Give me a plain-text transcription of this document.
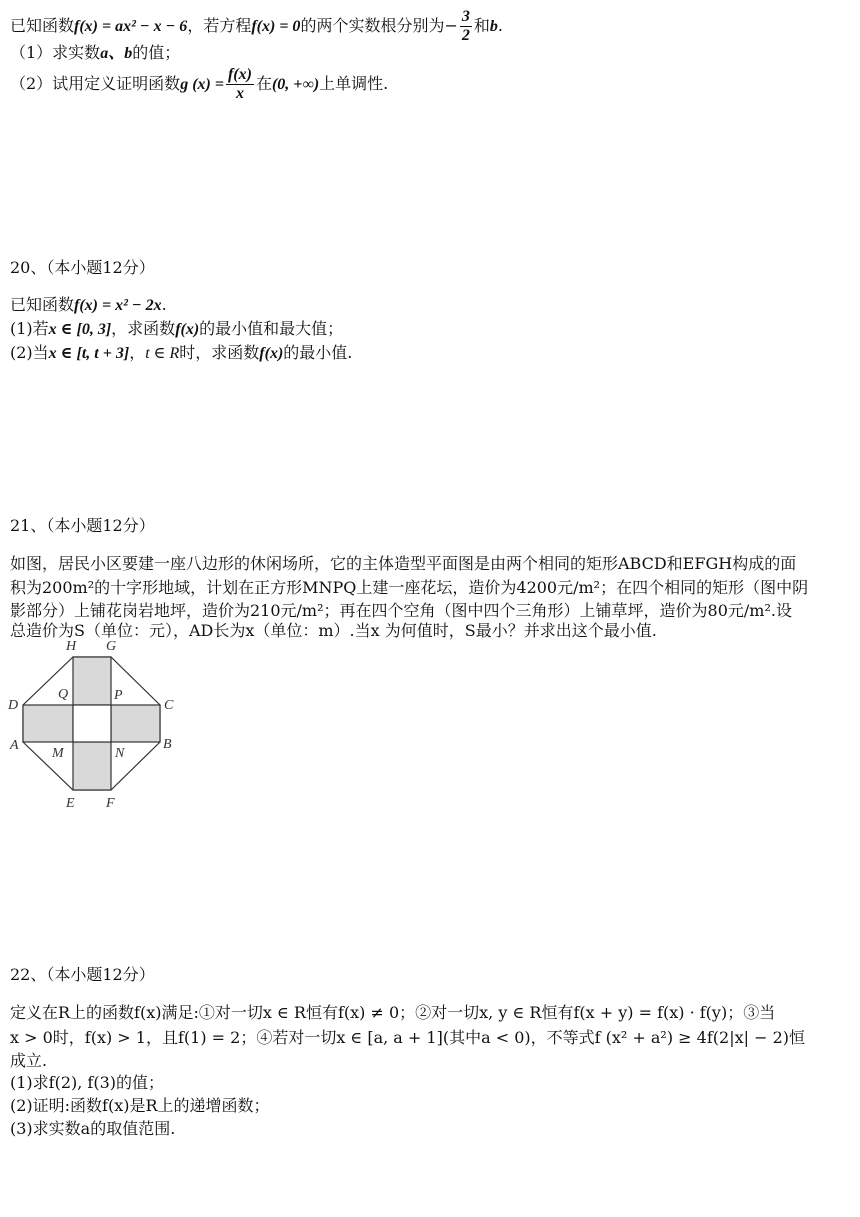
已知函数f(x) = ax² − x − 6，若方程f(x) = 0的两个实数根分别为− $\frac{3}{2}$ 和b.
（1）求实数a、b的值；
（2）试用定义证明函数g $(x) = \frac{f(x)}{x}$ 在(0, +∞)上单调性.
20、（本小题12分）
已知函数f(x) = x² − 2x.
(1)若x ∈ [0, 3]，求函数f(x)的最小值和最大值；
(2)当x ∈ [t, t + 3]，t ∈ R时，求函数f(x)的最小值.
21、（本小题12分）
如图，居民小区要建一座八边形的休闲场所，它的主体造型平面图是由两个相同的矩形ABCD和EFGH构成的面
积为200m²的十字形地域，计划在正方形MNPQ上建一座花坛，造价为4200元/m²；在四个相同的矩形（图中阴
影部分）上铺花岗岩地坪，造价为210元/m²；再在四个空角（图中四个三角形）上铺草坪，造价为80元/m².设
总造价为S（单位：元），AD长为x（单位：m）.当x 为何值时，S最小？并求出这个最小值.
H G
D	C
A	B
E F
Q	P
M	N
22、（本小题12分）
定义在R上的函数f(x)满足:①对一切x ∈ R恒有f(x) ≠ 0；②对一切x, y ∈ R恒有f(x + y) = f(x) · f(y)；③当
x > 0时，f(x) > 1，且f(1) = 2；④若对一切x ∈ [a, a + 1](其中a < 0)，不等式f (x² + a²) ≥ 4f(2|x| − 2)恒
成立.
(1)求f(2), f(3)的值；
(2)证明:函数f(x)是R上的递增函数；
(3)求实数a的取值范围.
